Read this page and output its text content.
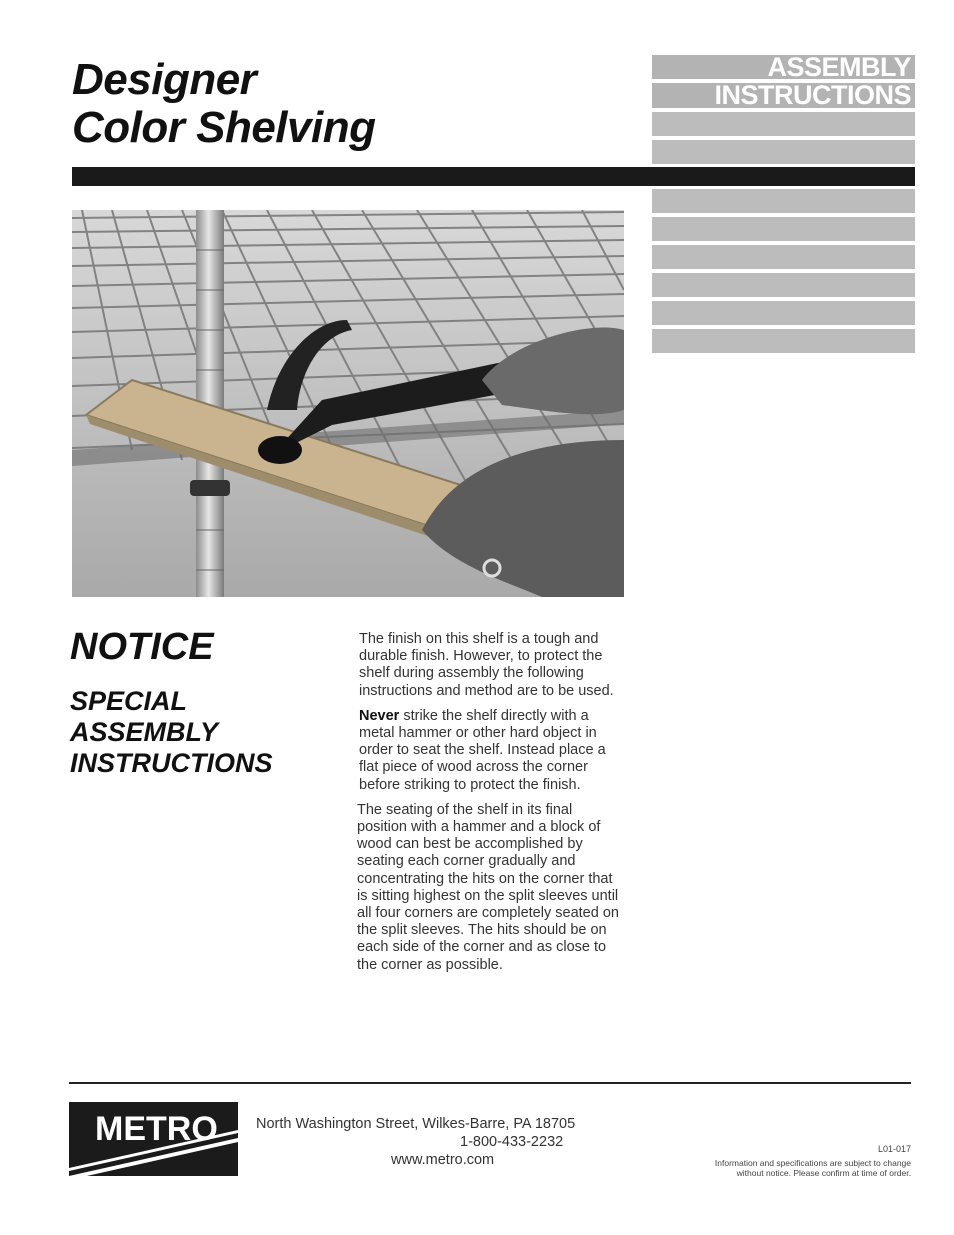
Designer
Color Shelving
ASSEMBLY
INSTRUCTIONS
NOTICE
SPECIAL
ASSEMBLY
INSTRUCTIONS

The finish on this shelf is a tough and durable finish. However, to protect the shelf during assembly the following instructions and method are to be used.

Never strike the shelf directly with a metal hammer or other hard object in order to seat the shelf. Instead place a flat piece of wood across the corner before striking to protect the finish.

The seating of the shelf in its final position with a hammer and a block of wood can best be accomplished by seating each corner gradually and concentrating the hits on the corner that is sitting highest on the split sleeves until all four corners are completely seated on the split sleeves. The hits should be on each side of the corner and as close to the corner as possible.

METRO	North Washington Street, Wilkes-Barre, PA 18705
1-800-433-2232
www.metro.com
L01-017
Information and specifications are subject to change
without notice. Please confirm at time of order.
